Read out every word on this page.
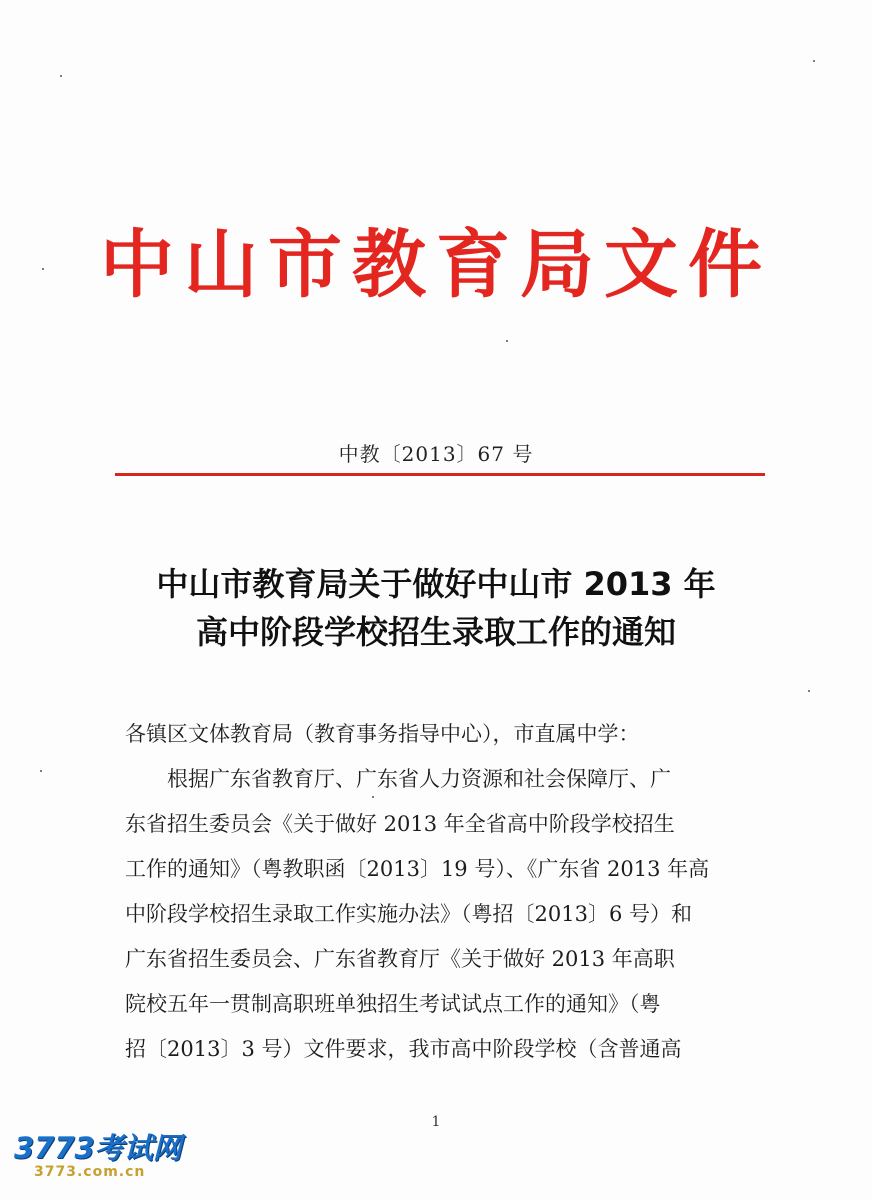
中山市教育局文件
中教〔2013〕67 号
中山市教育局关于做好中山市 2013 年
高中阶段学校招生录取工作的通知
各镇区文体教育局（教育事务指导中心），市直属中学：
根据广东省教育厅、广东省人力资源和社会保障厅、广
东省招生委员会《关于做好 2013 年全省高中阶段学校招生
工作的通知》（粤教职函〔2013〕19 号）、《广东省 2013 年高
中阶段学校招生录取工作实施办法》（粤招〔2013〕6 号）和
广东省招生委员会、广东省教育厅《关于做好 2013 年高职
院校五年一贯制高职班单独招生考试试点工作的通知》（粤
招〔2013〕3 号）文件要求，我市高中阶段学校（含普通高
1
3773考试网
3773.com.cn
